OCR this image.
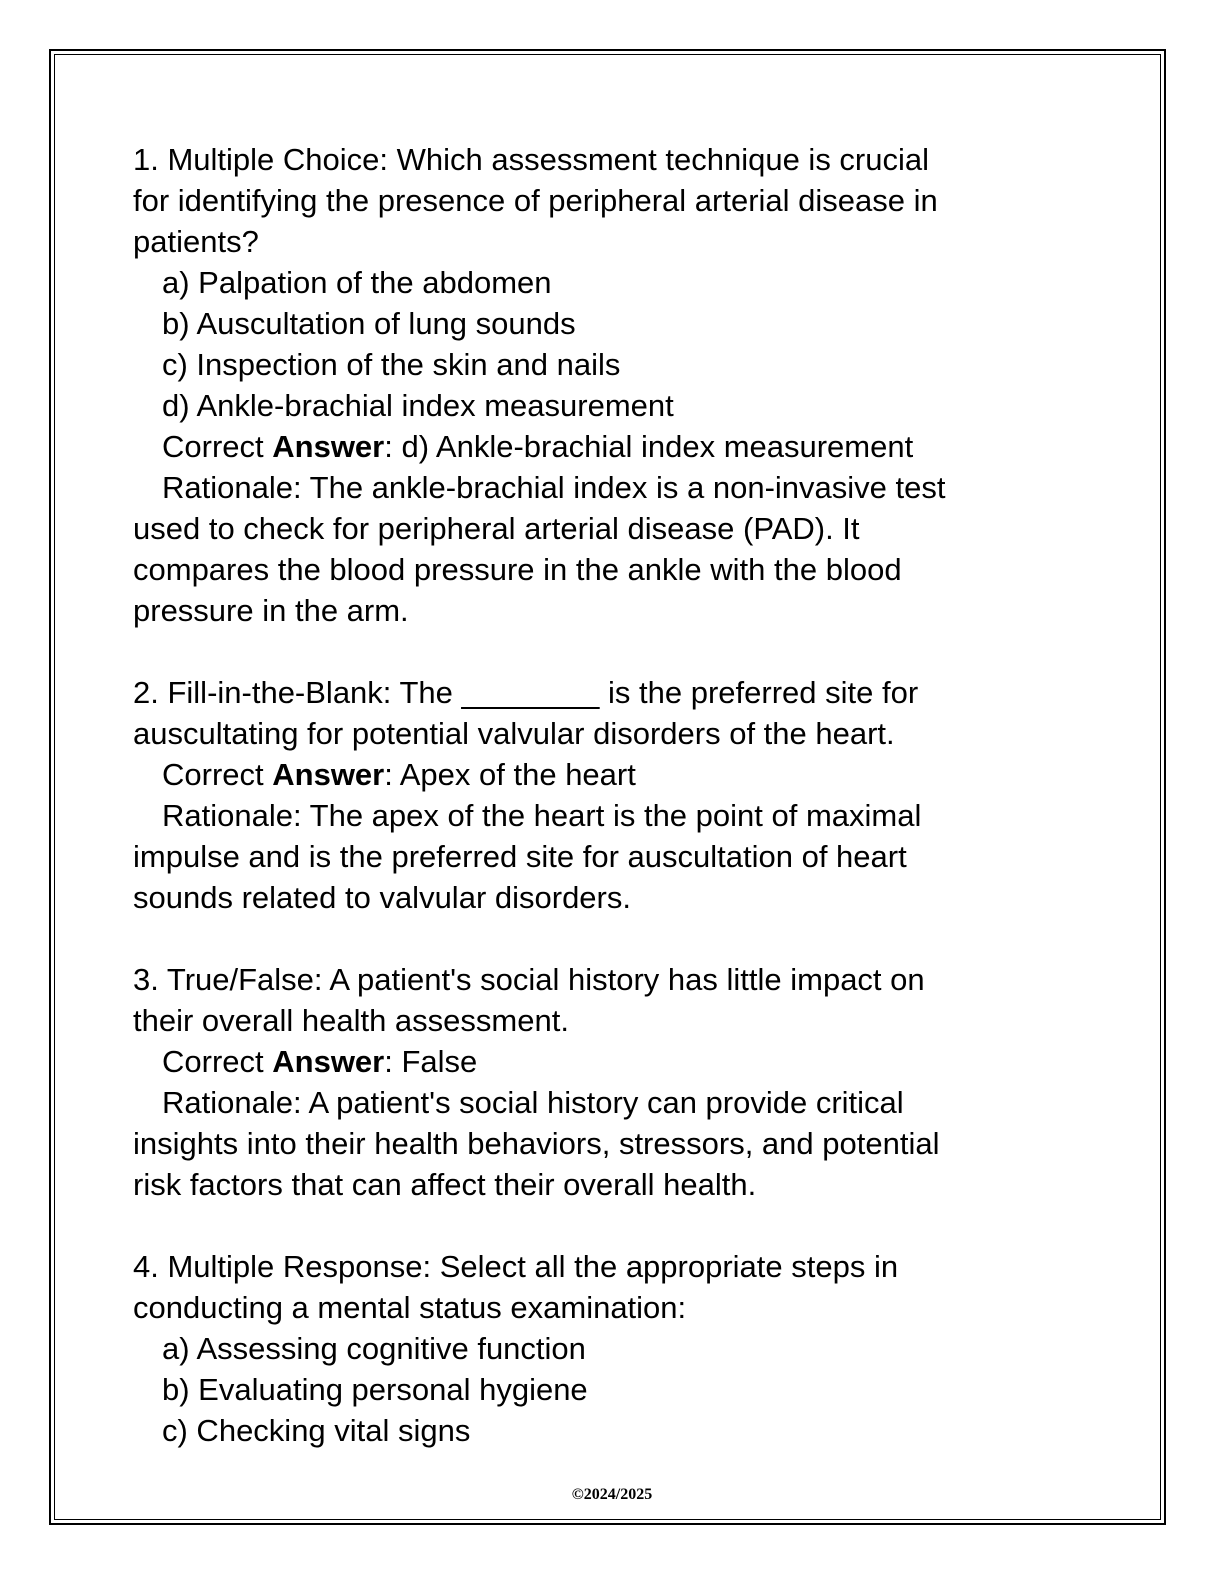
1. Multiple Choice: Which assessment technique is crucial
for identifying the presence of peripheral arterial disease in
patients?
a) Palpation of the abdomen
b) Auscultation of lung sounds
c) Inspection of the skin and nails
d) Ankle-brachial index measurement
Correct Answer: d) Ankle-brachial index measurement
Rationale: The ankle-brachial index is a non-invasive test
used to check for peripheral arterial disease (PAD). It
compares the blood pressure in the ankle with the blood
pressure in the arm.
2. Fill-in-the-Blank: The ________ is the preferred site for
auscultating for potential valvular disorders of the heart.
Correct Answer: Apex of the heart
Rationale: The apex of the heart is the point of maximal
impulse and is the preferred site for auscultation of heart
sounds related to valvular disorders.
3. True/False: A patient's social history has little impact on
their overall health assessment.
Correct Answer: False
Rationale: A patient's social history can provide critical
insights into their health behaviors, stressors, and potential
risk factors that can affect their overall health.
4. Multiple Response: Select all the appropriate steps in
conducting a mental status examination:
a) Assessing cognitive function
b) Evaluating personal hygiene
c) Checking vital signs
©2024/2025
